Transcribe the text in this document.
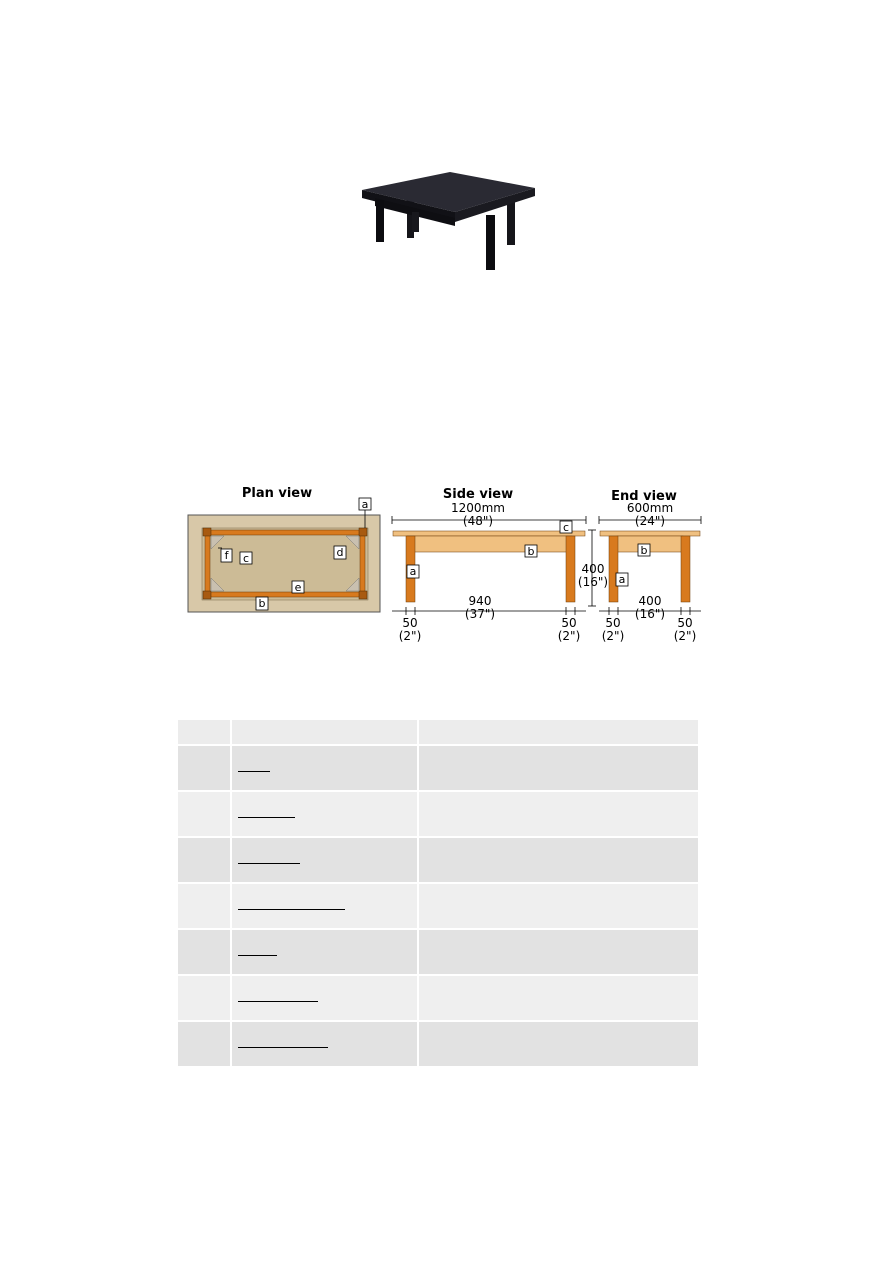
Plan view	Side view	End view
1200mm
(48")
400
(16")
940
(37")
50
(2")
50
(2")
600mm
(24")
400
(16")
50
(2")
50
(2")
a
f c	d
e
b
c
b
a
b
a
